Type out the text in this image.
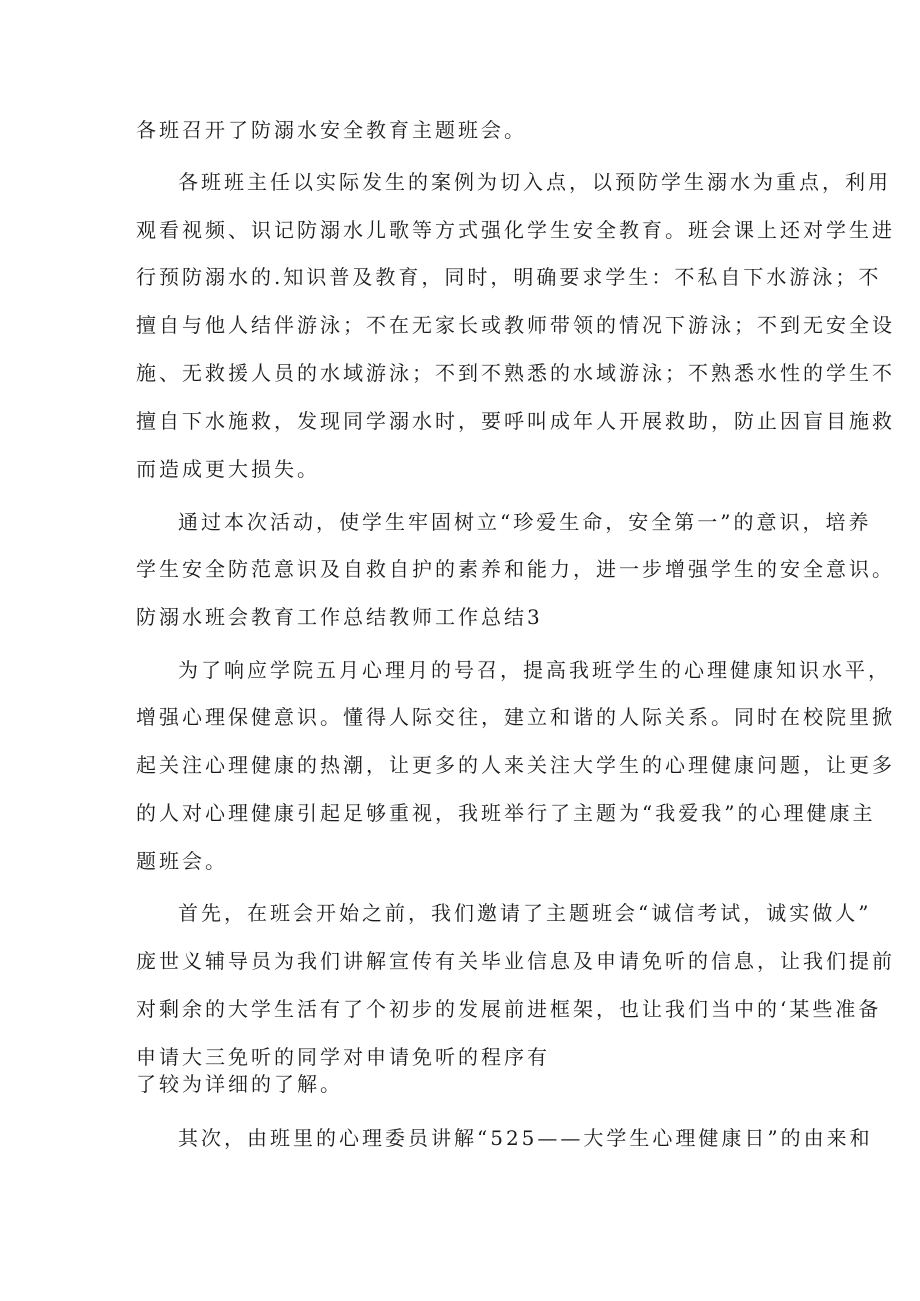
各班召开了防溺水安全教育主题班会。
各班班主任以实际发生的案例为切入点，以预防学生溺水为重点，利用
观看视频、识记防溺水儿歌等方式强化学生安全教育。班会课上还对学生进
行预防溺水的.知识普及教育，同时，明确要求学生：不私自下水游泳；不
擅自与他人结伴游泳；不在无家长或教师带领的情况下游泳；不到无安全设
施、无救援人员的水域游泳；不到不熟悉的水域游泳；不熟悉水性的学生不
擅自下水施救，发现同学溺水时，要呼叫成年人开展救助，防止因盲目施救
而造成更大损失。
通过本次活动，使学生牢固树立“珍爱生命，安全第一”的意识，培养
学生安全防范意识及自救自护的素养和能力，进一步增强学生的安全意识。
防溺水班会教育工作总结教师工作总结3
为了响应学院五月心理月的号召，提高我班学生的心理健康知识水平，
增强心理保健意识。懂得人际交往，建立和谐的人际关系。同时在校院里掀
起关注心理健康的热潮，让更多的人来关注大学生的心理健康问题，让更多
的人对心理健康引起足够重视，我班举行了主题为“我爱我”的心理健康主
题班会。
首先，在班会开始之前，我们邀请了主题班会“诚信考试，诚实做人”
庞世义辅导员为我们讲解宣传有关毕业信息及申请免听的信息，让我们提前
对剩余的大学生活有了个初步的发展前进框架，也让我们当中的‘某些准备
申请大三免听的同学对申请免听的程序有
了较为详细的了解。
其次，由班里的心理委员讲解“525——大学生心理健康日”的由来和
